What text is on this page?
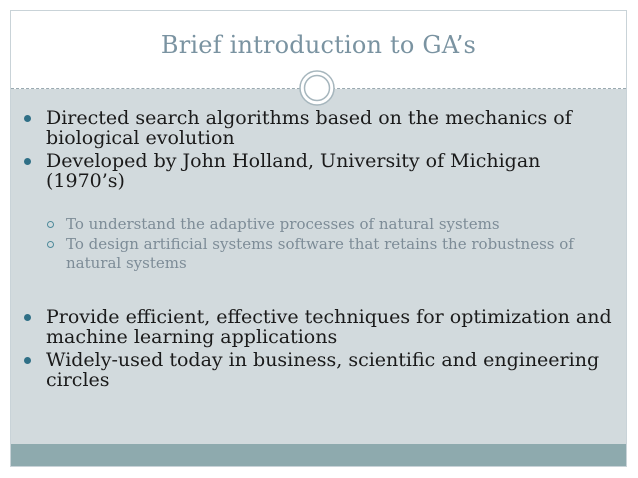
Brief introduction to GA’s
Directed search algorithms based on the mechanics of biological evolution
Developed by John Holland, University of Michigan (1970’s)
To understand the adaptive processes of natural systems
To design artificial systems software that retains the robustness of natural systems
Provide efficient, effective techniques for optimization and machine learning applications
Widely-used today in business, scientific and engineering circles
